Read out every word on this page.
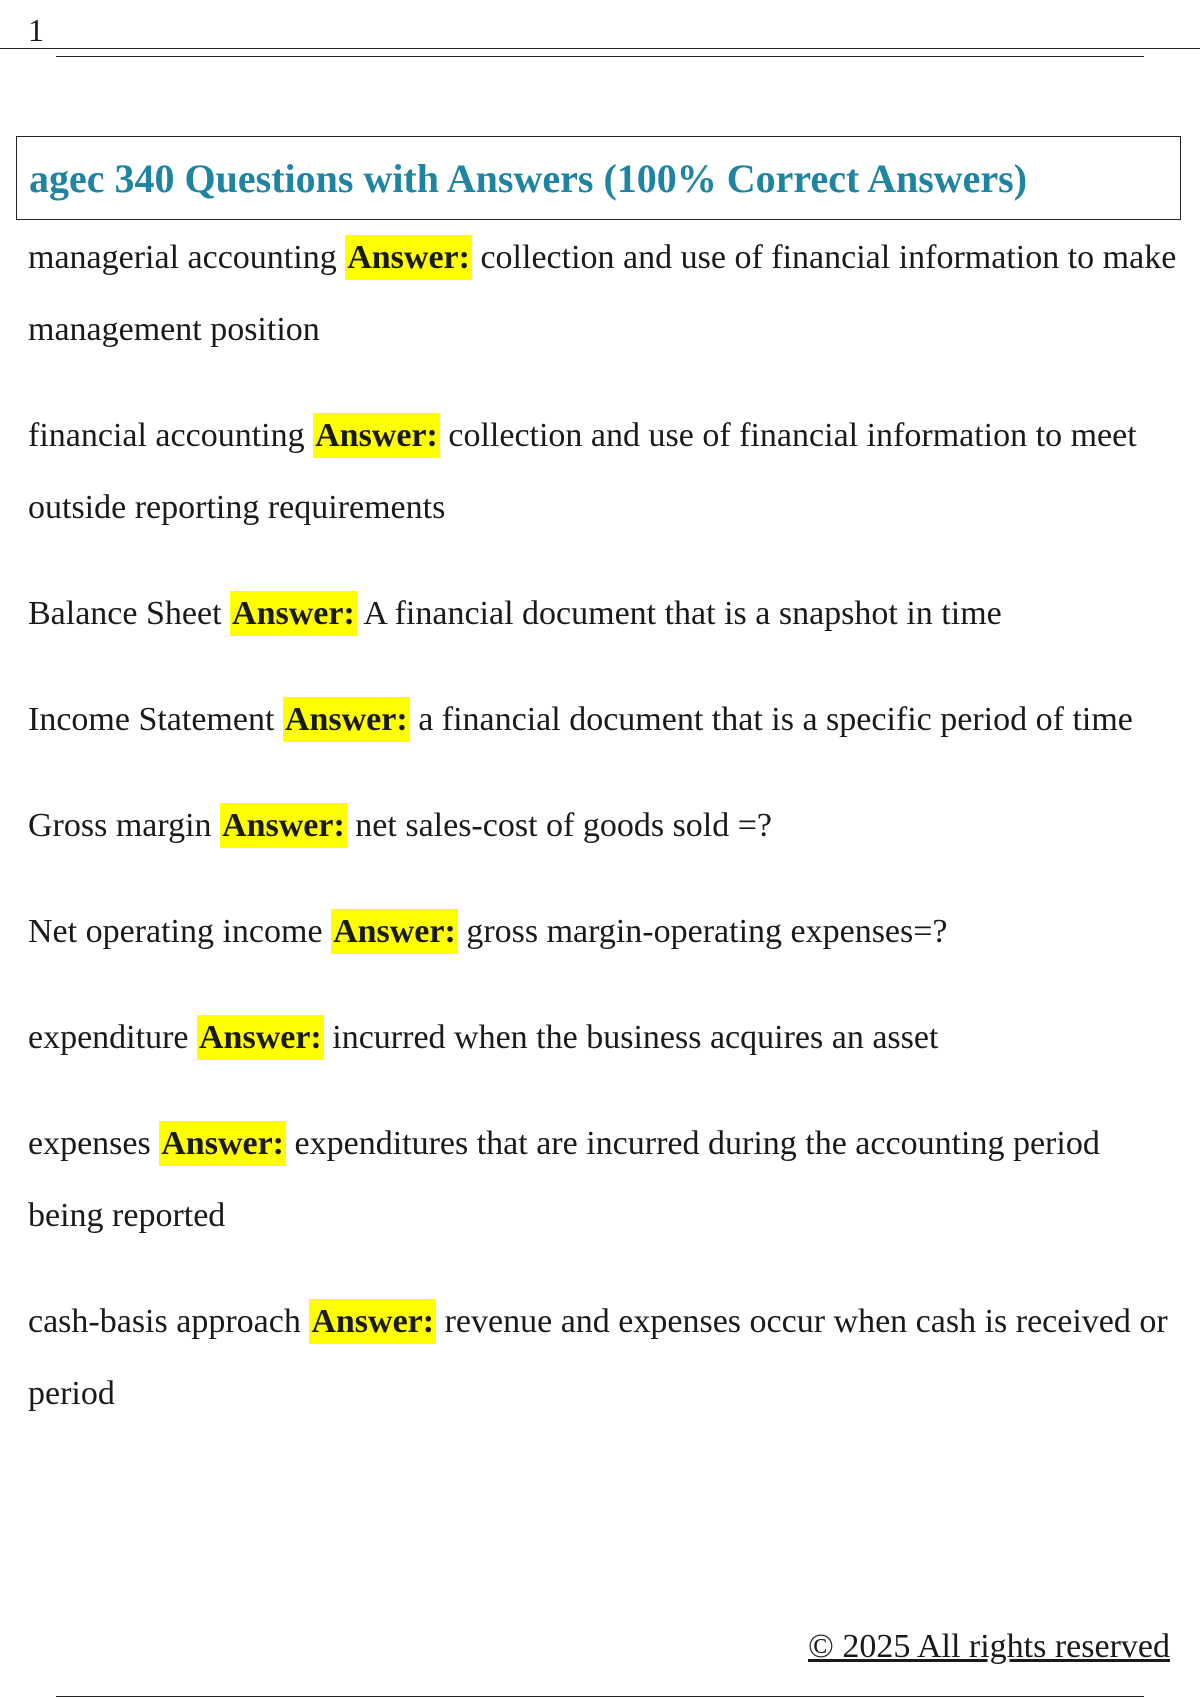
1
agec 340 Questions with Answers (100% Correct Answers)

managerial accounting Answer: collection and use of financial information to make management position

financial accounting Answer: collection and use of financial information to meet outside reporting requirements

Balance Sheet Answer: A financial document that is a snapshot in time

Income Statement Answer: a financial document that is a specific period of time

Gross margin Answer: net sales-cost of goods sold =?

Net operating income Answer: gross margin-operating expenses=?

expenditure Answer: incurred when the business acquires an asset

expenses Answer: expenditures that are incurred during the accounting period being reported

cash-basis approach Answer: revenue and expenses occur when cash is received or period

© 2025 All rights reserved
